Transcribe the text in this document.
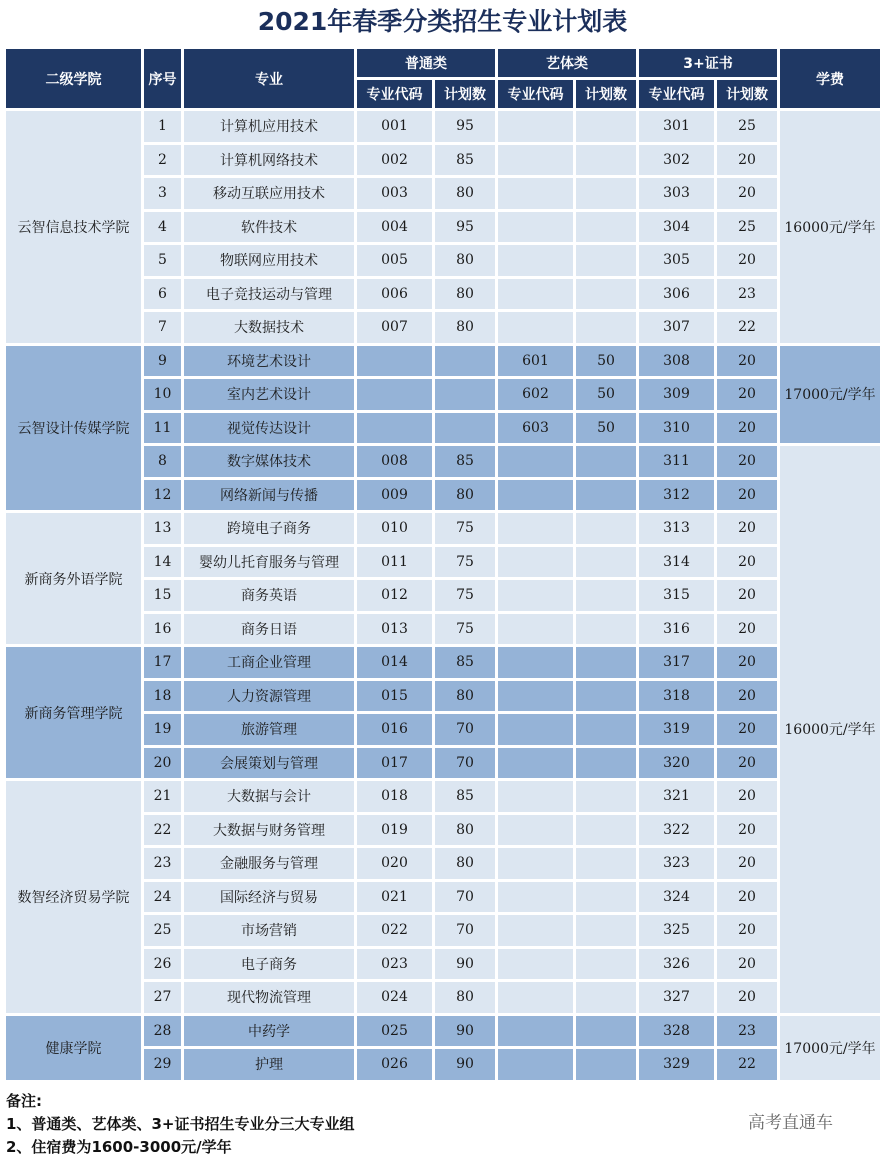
2021年春季分类招生专业计划表
二级学院	序号	专业	普通类		艺体类		3+证书		学费
			专业代码	计划数	专业代码	计划数	专业代码	计划数	
云智信息技术学院	1	计算机应用技术	001	95			301	25	16000元/学年
	2	计算机网络技术	002	85			302	20	
	3	移动互联应用技术	003	80			303	20	
	4	软件技术	004	95			304	25	
	5	物联网应用技术	005	80			305	20	
	6	电子竞技运动与管理	006	80			306	23	
	7	大数据技术	007	80			307	22	
云智设计传媒学院	9	环境艺术设计			601	50	308	20	17000元/学年
	10	室内艺术设计			602	50	309	20	
	11	视觉传达设计			603	50	310	20	
	8	数字媒体技术	008	85			311	20	16000元/学年
	12	网络新闻与传播	009	80			312	20	
新商务外语学院	13	跨境电子商务	010	75			313	20	
	14	婴幼儿托育服务与管理	011	75			314	20	
	15	商务英语	012	75			315	20	
	16	商务日语	013	75			316	20	
新商务管理学院	17	工商企业管理	014	85			317	20	
	18	人力资源管理	015	80			318	20	
	19	旅游管理	016	70			319	20	
	20	会展策划与管理	017	70			320	20	
数智经济贸易学院	21	大数据与会计	018	85			321	20	
	22	大数据与财务管理	019	80			322	20	
	23	金融服务与管理	020	80			323	20	
	24	国际经济与贸易	021	70			324	20	
	25	市场营销	022	70			325	20	
	26	电子商务	023	90			326	20	
	27	现代物流管理	024	80			327	20	
健康学院	28	中药学	025	90			328	23	17000元/学年
	29	护理	026	90			329	22	
备注:
1、普通类、艺体类、3+证书招生专业分三大专业组
2、住宿费为1600-3000元/学年
高考直通车
